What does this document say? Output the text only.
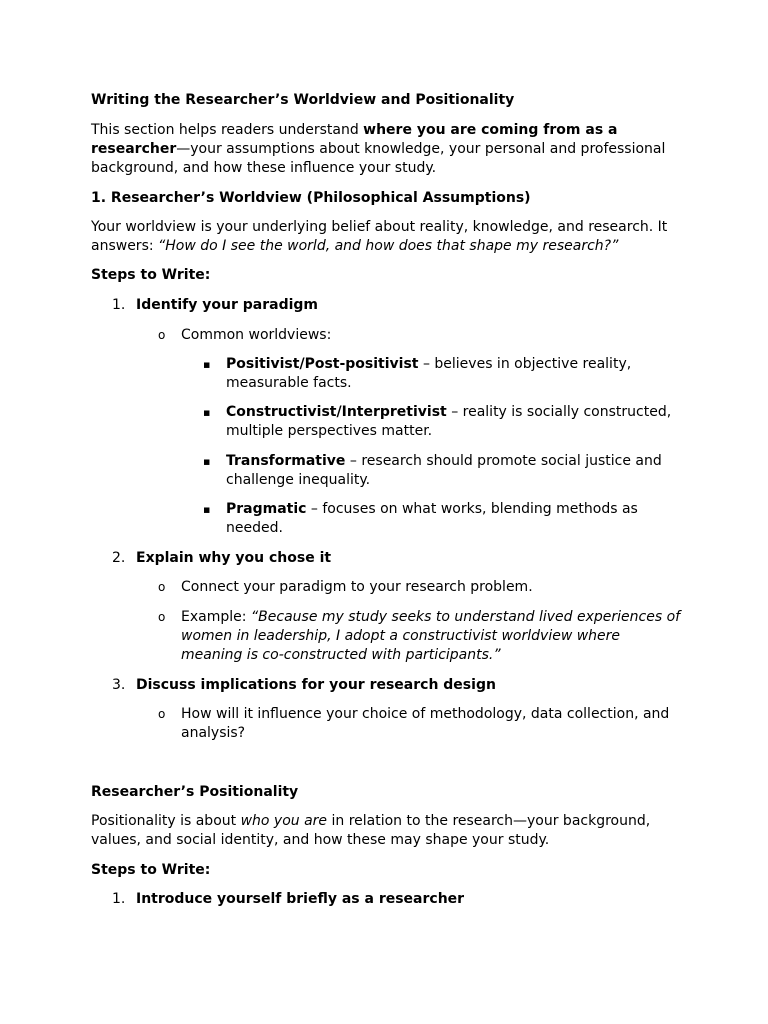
Writing the Researcher’s Worldview and Positionality
This section helps readers understand where you are coming from as a
researcher—your assumptions about knowledge, your personal and professional
background, and how these influence your study.
1. Researcher’s Worldview (Philosophical Assumptions)
Your worldview is your underlying belief about reality, knowledge, and research. It
answers: “How do I see the world, and how does that shape my research?”
Steps to Write:
1. Identify your paradigm
o Common worldviews:
▪ Positivist/Post-positivist – believes in objective reality,
measurable facts.
▪ Constructivist/Interpretivist – reality is socially constructed,
multiple perspectives matter.
▪ Transformative – research should promote social justice and
challenge inequality.
▪ Pragmatic – focuses on what works, blending methods as
needed.
2. Explain why you chose it
o Connect your paradigm to your research problem.
o Example: “Because my study seeks to understand lived experiences of
women in leadership, I adopt a constructivist worldview where
meaning is co-constructed with participants.”
3. Discuss implications for your research design
o How will it influence your choice of methodology, data collection, and
analysis?
Researcher’s Positionality
Positionality is about who you are in relation to the research—your background,
values, and social identity, and how these may shape your study.
Steps to Write:
1. Introduce yourself briefly as a researcher
